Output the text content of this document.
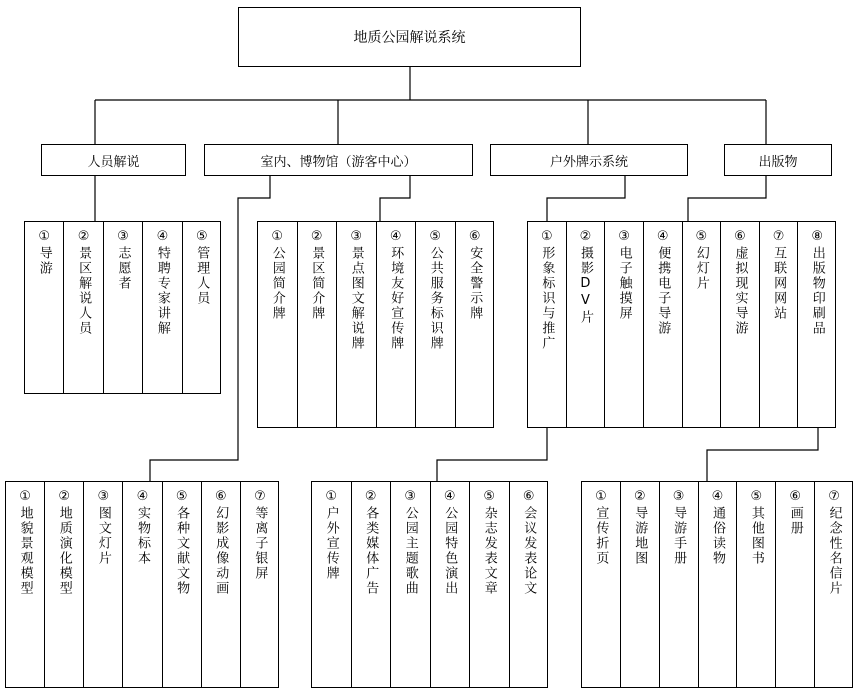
地质公园解说系统
人员解说	室内、博物馆（游客中心）	户外牌示系统	出版物
①导游	②景区解说人员	③志愿者	④特聘专家讲解	⑤管理人员	①公园简介牌	②景区简介牌	③景点图文解说牌	④环境友好宣传牌	⑤公共服务标识牌	⑥安全警示牌	①形象标识与推广	②摄影DV片	③电子触摸屏	④便携电子导游	⑤幻灯片	⑥虚拟现实导游	⑦互联网网站	⑧出版物印刷品
①地貌景观模型	②地质演化模型	③图文灯片	④实物标本	⑤各种文献文物	⑥幻影成像动画	⑦等离子银屏	①户外宣传牌	②各类媒体广告	③公园主题歌曲	④公园特色演出	⑤杂志发表文章	⑥会议发表论文	①宣传折页	②导游地图	③导游手册	④通俗读物	⑤其他图书	⑥画册	⑦纪念性名信片
